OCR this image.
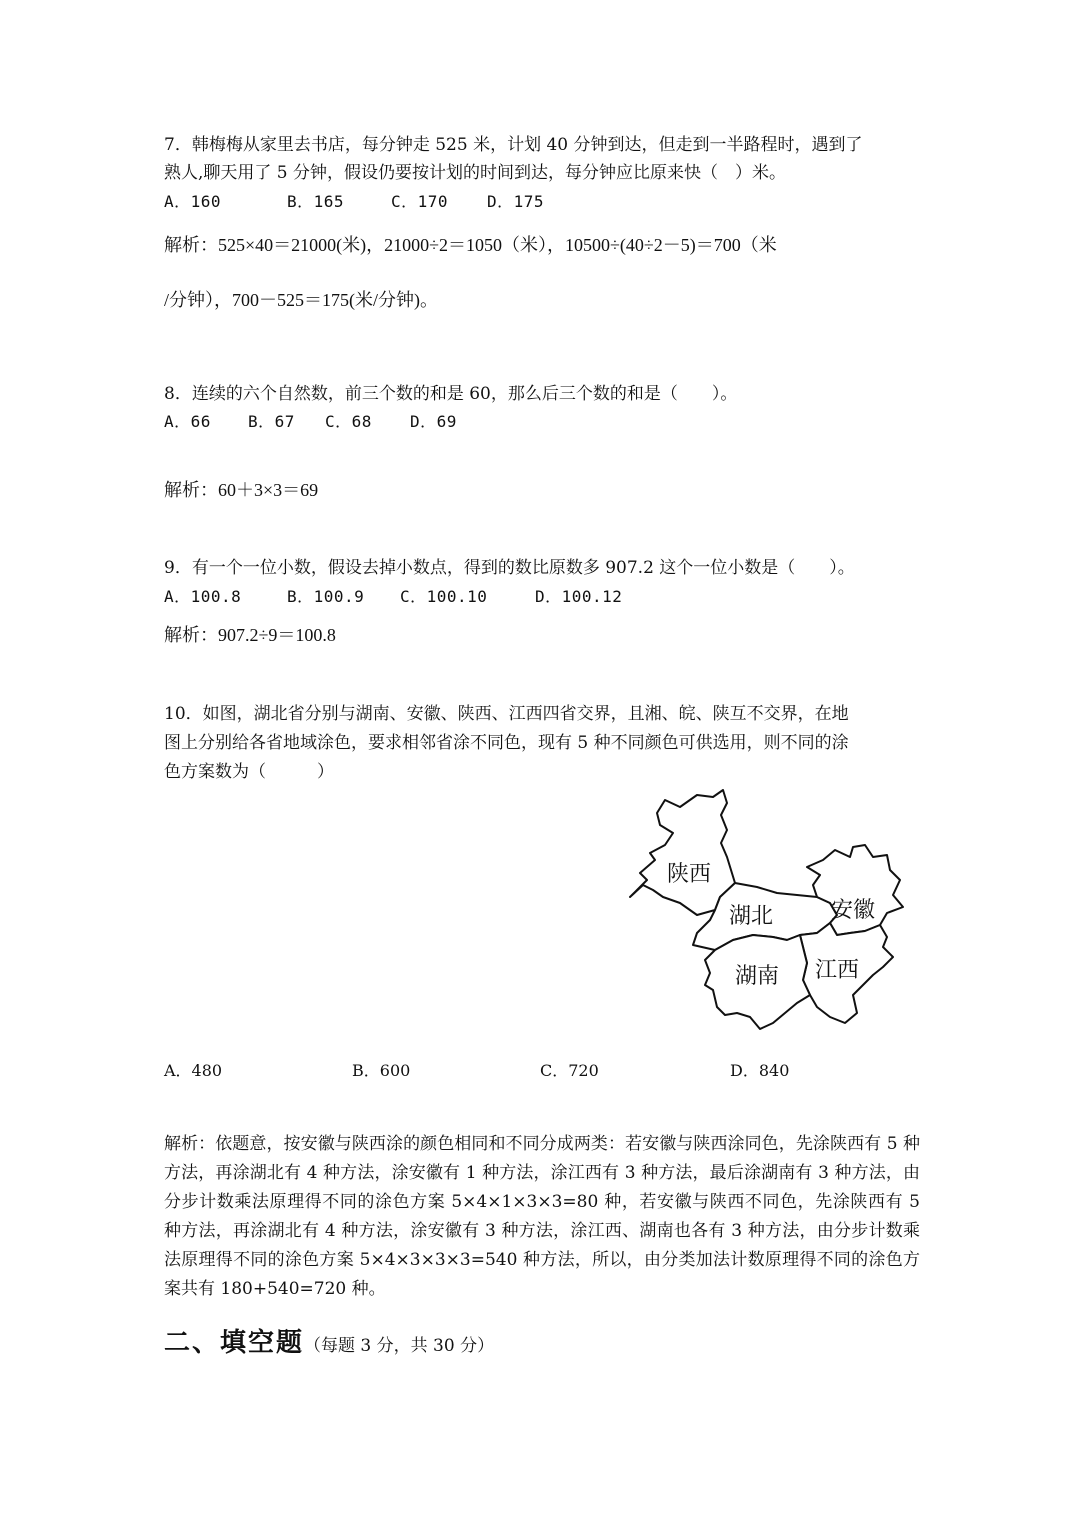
7．韩梅梅从家里去书店，每分钟走 525 米，计划 40 分钟到达，但走到一半路程时，遇到了
熟人,聊天用了 5 分钟，假设仍要按计划的时间到达，每分钟应比原来快（　）米。
A．160	B．165	C．170 D．175
解析：525×40＝21000(米)，21000÷2＝1050（米），10500÷(40÷2－5)＝700（米
/分钟），700－525＝175(米/分钟)。
8．连续的六个自然数，前三个数的和是 60，那么后三个数的和是（　　）。
A．66 B．67 C．68 D．69
解析：60＋3×3＝69
9．有一个一位小数，假设去掉小数点，得到的数比原数多 907.2 这个一位小数是（　　）。
A．100.8	B．100.9 C．100.10	D．100.12
解析：907.2÷9＝100.8
10．如图，湖北省分别与湖南、安徽、陕西、江西四省交界，且湘、皖、陕互不交界，在地
图上分别给各省地域涂色，要求相邻省涂不同色，现有 5 种不同颜色可供选用，则不同的涂
色方案数为（　　　）
陕西
湖北	安徽
湖南 江西
A．480	B．600	C．720	D．840
解析：依题意，按安徽与陕西涂的颜色相同和不同分成两类：若安徽与陕西涂同色，先涂陕西有 5 种方法，再涂湖北有 4 种方法，涂安徽有 1 种方法，涂江西有 3 种方法，最后涂湖南有 3 种方法，由分步计数乘法原理得不同的涂色方案 5×4×1×3×3=80 种，若安徽与陕西不同色，先涂陕西有 5 种方法，再涂湖北有 4 种方法，涂安徽有 3 种方法，涂江西、湖南也各有 3 种方法，由分步计数乘法原理得不同的涂色方案 5×4×3×3×3=540 种方法，所以，由分类加法计数原理得不同的涂色方案共有 180+540=720 种。
二、填空题（每题 3 分，共 30 分）
